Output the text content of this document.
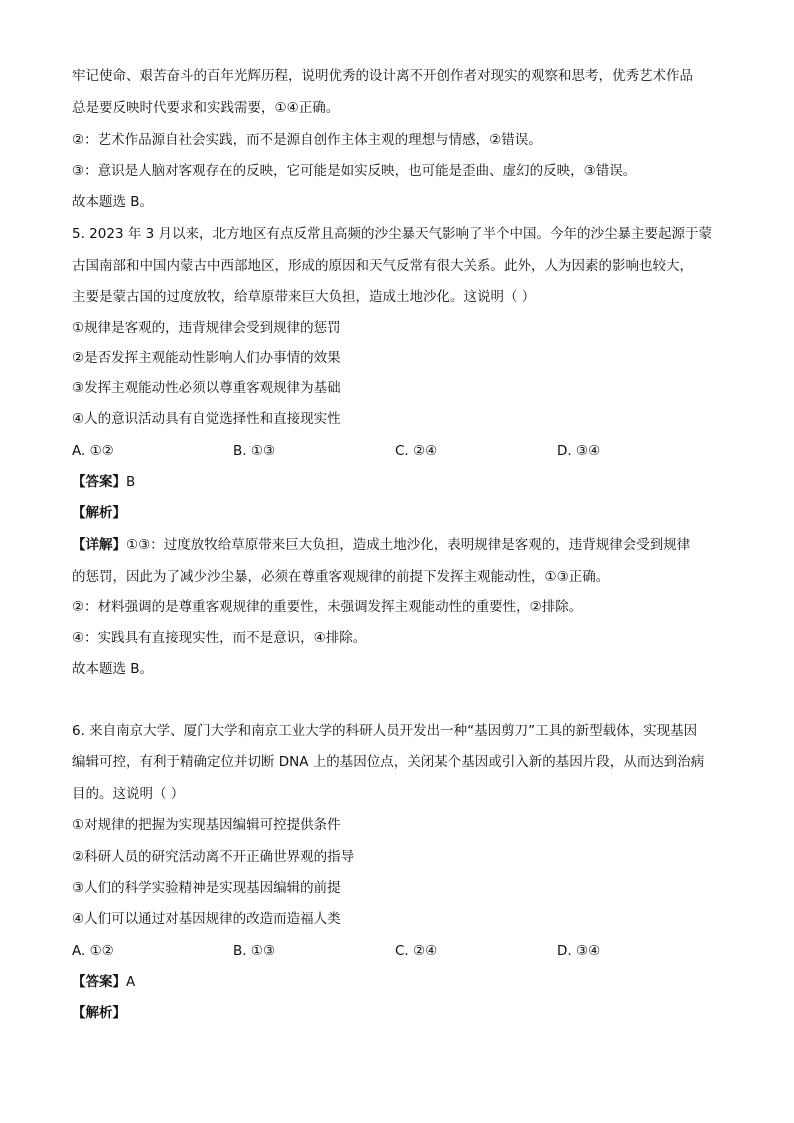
牢记使命、艰苦奋斗的百年光辉历程，说明优秀的设计离不开创作者对现实的观察和思考，优秀艺术作品
总是要反映时代要求和实践需要，①④正确。
②：艺术作品源自社会实践，而不是源自创作主体主观的理想与情感，②错误。
③：意识是人脑对客观存在的反映，它可能是如实反映，也可能是歪曲、虚幻的反映，③错误。
故本题选 B。
5. 2023 年 3 月以来，北方地区有点反常且高频的沙尘暴天气影响了半个中国。今年的沙尘暴主要起源于蒙
古国南部和中国内蒙古中西部地区，形成的原因和天气反常有很大关系。此外，人为因素的影响也较大，
主要是蒙古国的过度放牧，给草原带来巨大负担，造成土地沙化。这说明（ ）
①规律是客观的，违背规律会受到规律的惩罚
②是否发挥主观能动性影响人们办事情的效果
③发挥主观能动性必须以尊重客观规律为基础
④人的意识活动具有自觉选择性和直接现实性
A. ①②	B. ①③	C. ②④	D. ③④
【答案】B
【解析】
【详解】①③：过度放牧给草原带来巨大负担，造成土地沙化，表明规律是客观的，违背规律会受到规律
的惩罚，因此为了减少沙尘暴，必须在尊重客观规律的前提下发挥主观能动性，①③正确。
②：材料强调的是尊重客观规律的重要性，未强调发挥主观能动性的重要性，②排除。
④：实践具有直接现实性，而不是意识，④排除。
故本题选 B。
6. 来自南京大学、厦门大学和南京工业大学的科研人员开发出一种“基因剪刀”工具的新型载体，实现基因
编辑可控，有利于精确定位并切断 DNA 上的基因位点，关闭某个基因或引入新的基因片段，从而达到治病
目的。这说明（ ）
①对规律的把握为实现基因编辑可控提供条件
②科研人员的研究活动离不开正确世界观的指导
③人们的科学实验精神是实现基因编辑的前提
④人们可以通过对基因规律的改造而造福人类
A. ①②	B. ①③	C. ②④	D. ③④
【答案】A
【解析】
